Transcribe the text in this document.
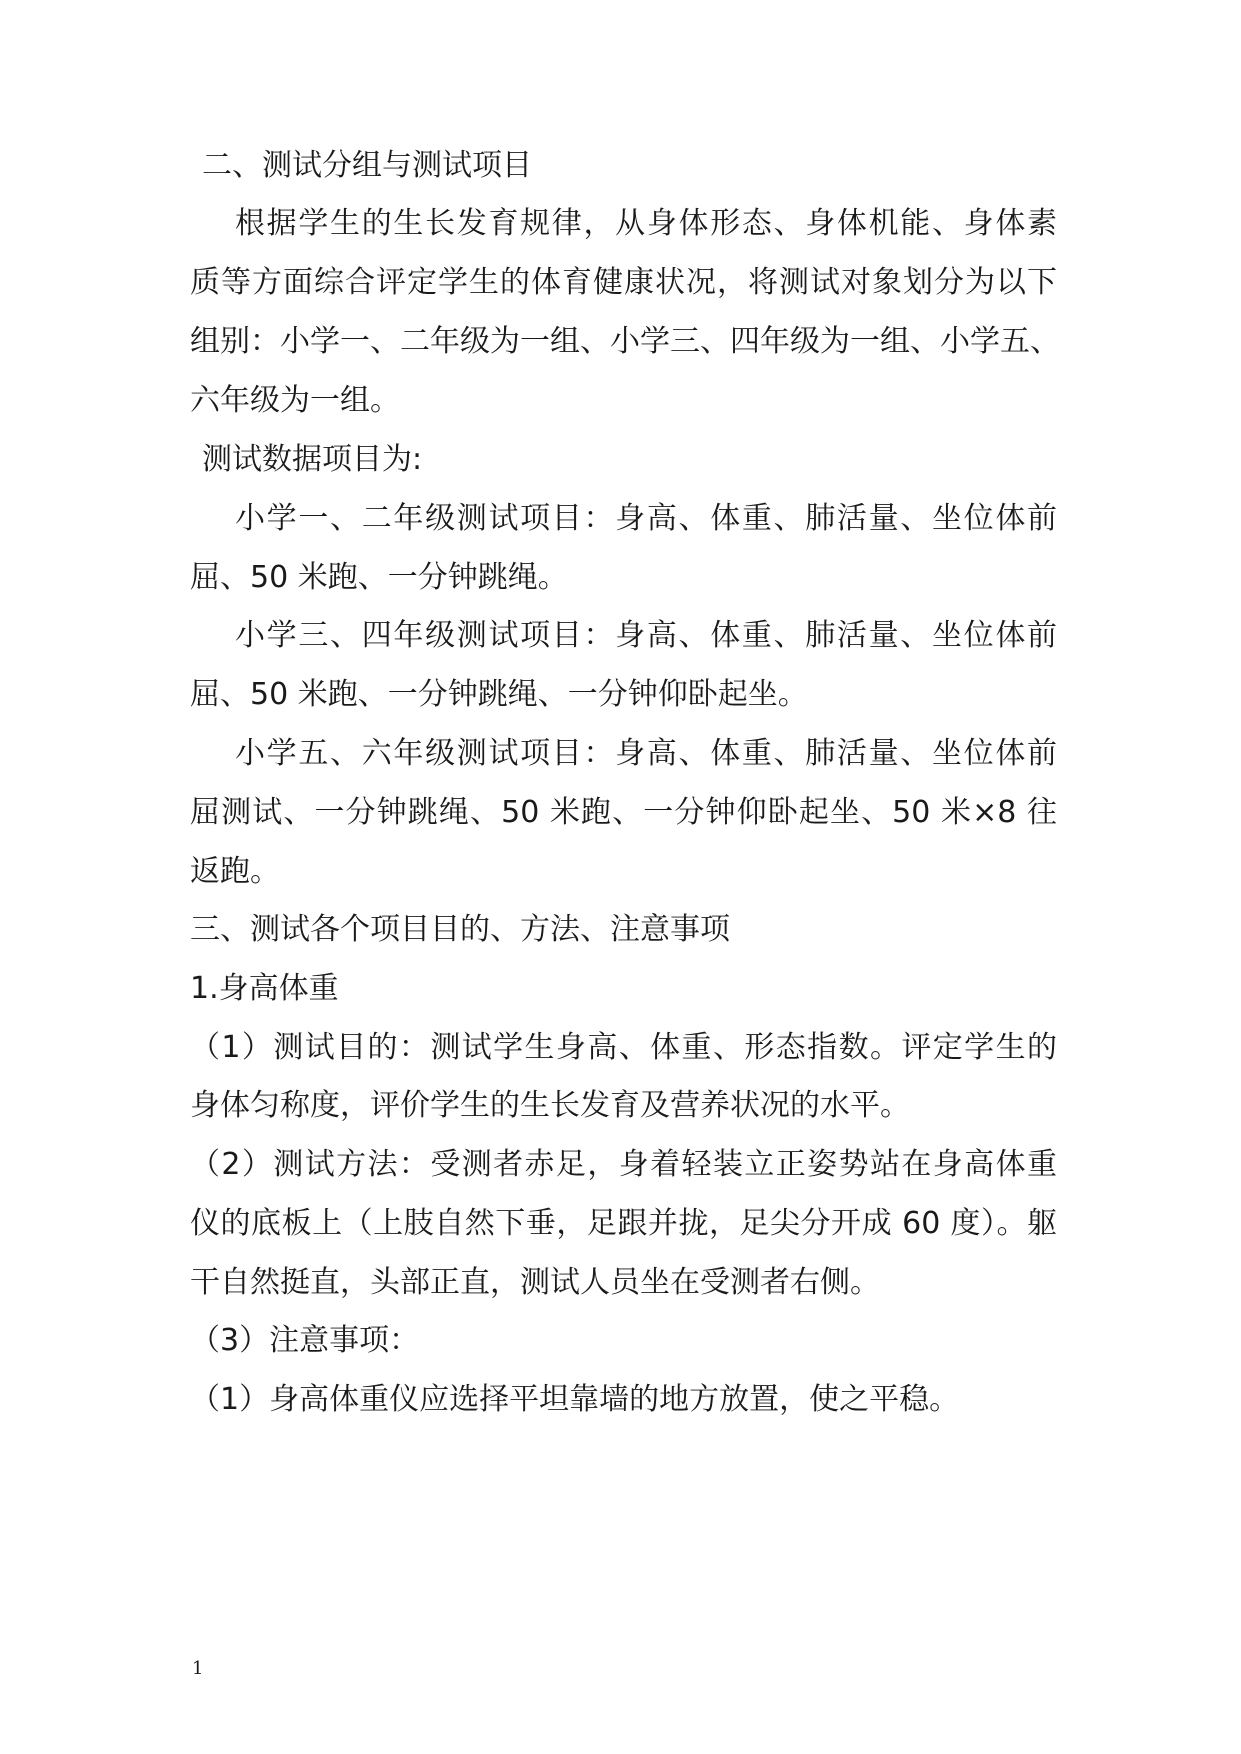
二、测试分组与测试项目
根据学生的生长发育规律，从身体形态、身体机能、身体素
质等方面综合评定学生的体育健康状况，将测试对象划分为以下
组别：小学一、二年级为一组、小学三、四年级为一组、小学五、
六年级为一组。
测试数据项目为:
小学一、二年级测试项目：身高、体重、肺活量、坐位体前
屈、50 米跑、一分钟跳绳。
小学三、四年级测试项目：身高、体重、肺活量、坐位体前
屈、50 米跑、一分钟跳绳、一分钟仰卧起坐。
小学五、六年级测试项目：身高、体重、肺活量、坐位体前
屈测试、一分钟跳绳、50 米跑、一分钟仰卧起坐、50 米×8 往
返跑。
三、测试各个项目目的、方法、注意事项
1.身高体重
（1）测试目的：测试学生身高、体重、形态指数。评定学生的
身体匀称度，评价学生的生长发育及营养状况的水平。
（2）测试方法：受测者赤足，身着轻装立正姿势站在身高体重
仪的底板上（上肢自然下垂，足跟并拢，足尖分开成 60 度）。躯
干自然挺直，头部正直，测试人员坐在受测者右侧。
（3）注意事项：
（1）身高体重仪应选择平坦靠墙的地方放置，使之平稳。
1
